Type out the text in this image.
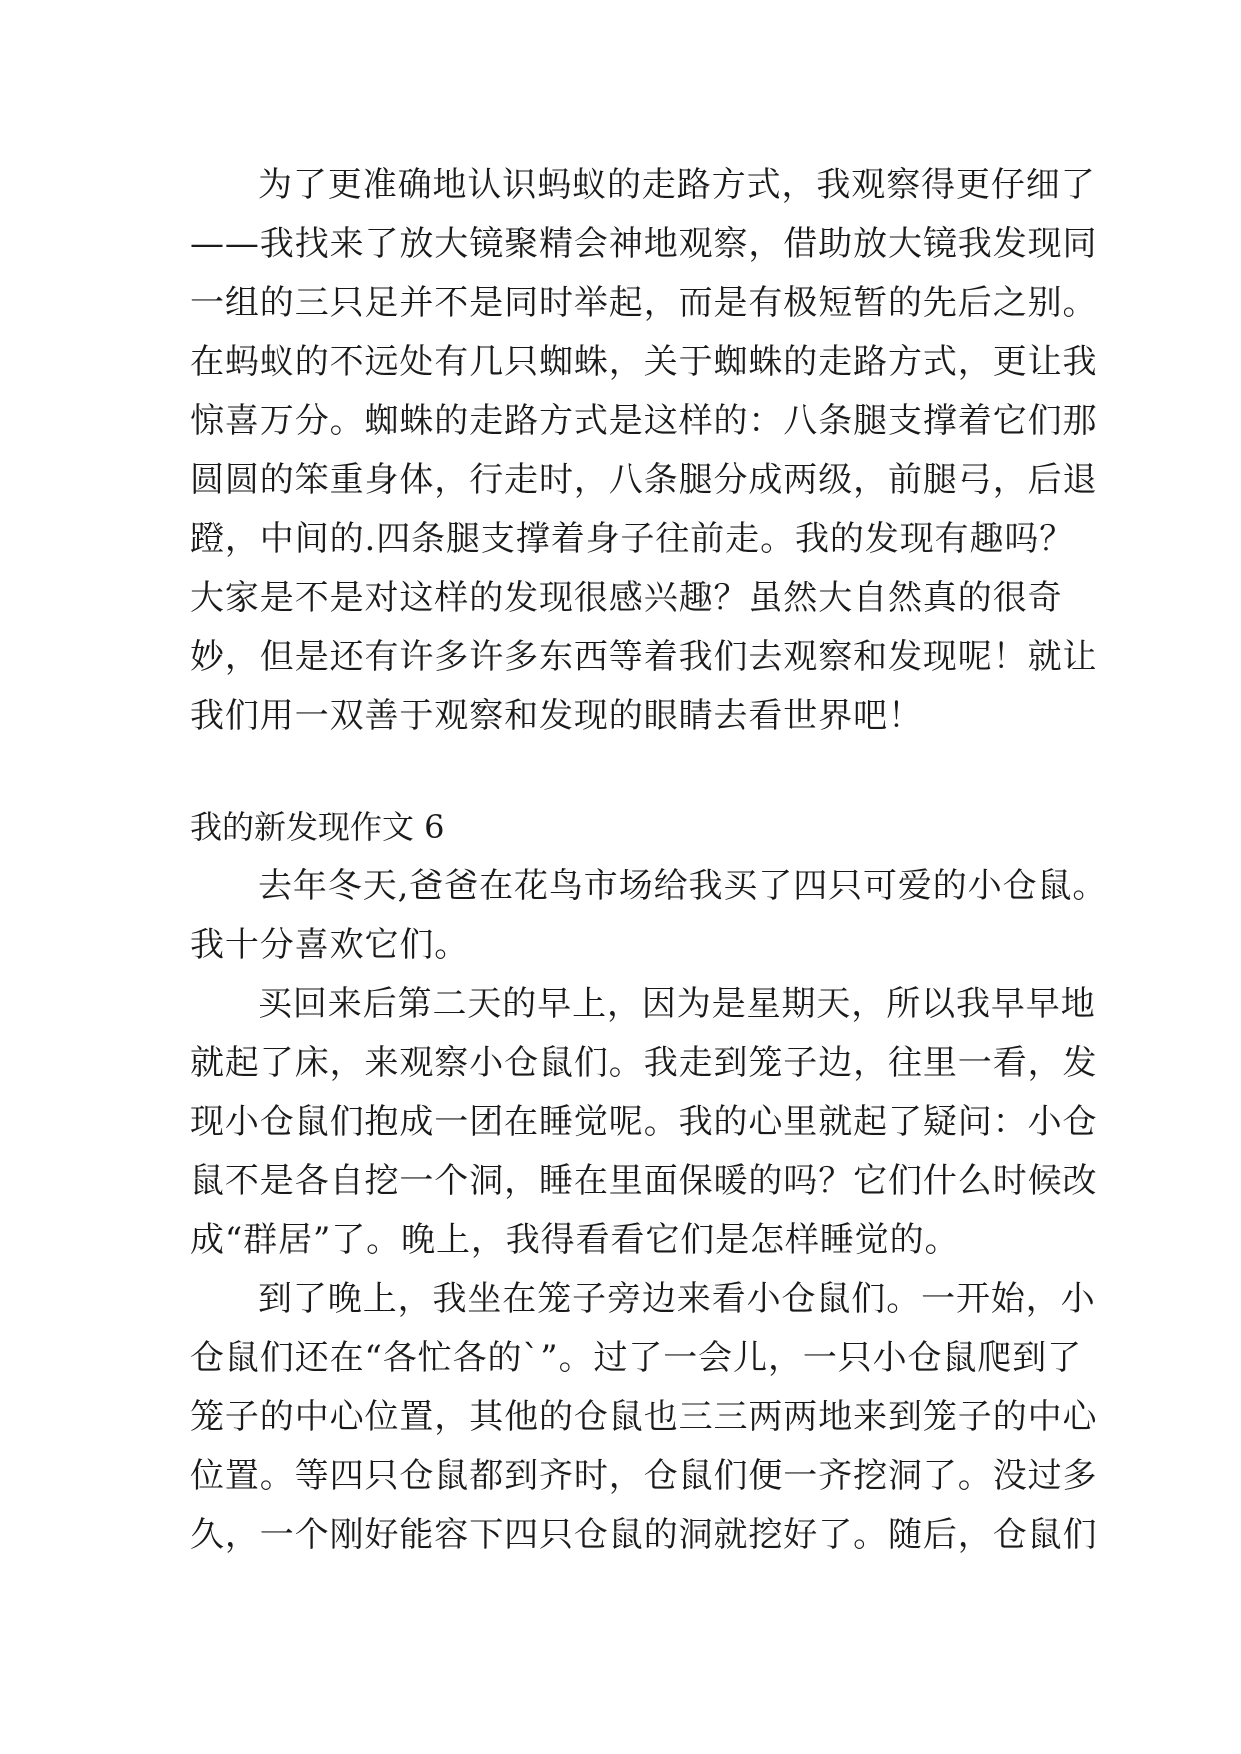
为了更准确地认识蚂蚁的走路方式，我观察得更仔细了
——我找来了放大镜聚精会神地观察，借助放大镜我发现同
一组的三只足并不是同时举起，而是有极短暂的先后之别。
在蚂蚁的不远处有几只蜘蛛，关于蜘蛛的走路方式，更让我
惊喜万分。蜘蛛的走路方式是这样的：八条腿支撑着它们那
圆圆的笨重身体，行走时，八条腿分成两级，前腿弓，后退
蹬，中间的.四条腿支撑着身子往前走。我的发现有趣吗？
大家是不是对这样的发现很感兴趣？虽然大自然真的很奇
妙，但是还有许多许多东西等着我们去观察和发现呢！就让
我们用一双善于观察和发现的眼睛去看世界吧！
我的新发现作文 6
去年冬天,爸爸在花鸟市场给我买了四只可爱的小仓鼠。
我十分喜欢它们。
买回来后第二天的早上，因为是星期天，所以我早早地
就起了床，来观察小仓鼠们。我走到笼子边，往里一看，发
现小仓鼠们抱成一团在睡觉呢。我的心里就起了疑问：小仓
鼠不是各自挖一个洞，睡在里面保暖的吗？它们什么时候改
成“群居”了。晚上，我得看看它们是怎样睡觉的。
到了晚上，我坐在笼子旁边来看小仓鼠们。一开始，小
仓鼠们还在“各忙各的`”。过了一会儿，一只小仓鼠爬到了
笼子的中心位置，其他的仓鼠也三三两两地来到笼子的中心
位置。等四只仓鼠都到齐时，仓鼠们便一齐挖洞了。没过多
久，一个刚好能容下四只仓鼠的洞就挖好了。随后，仓鼠们
